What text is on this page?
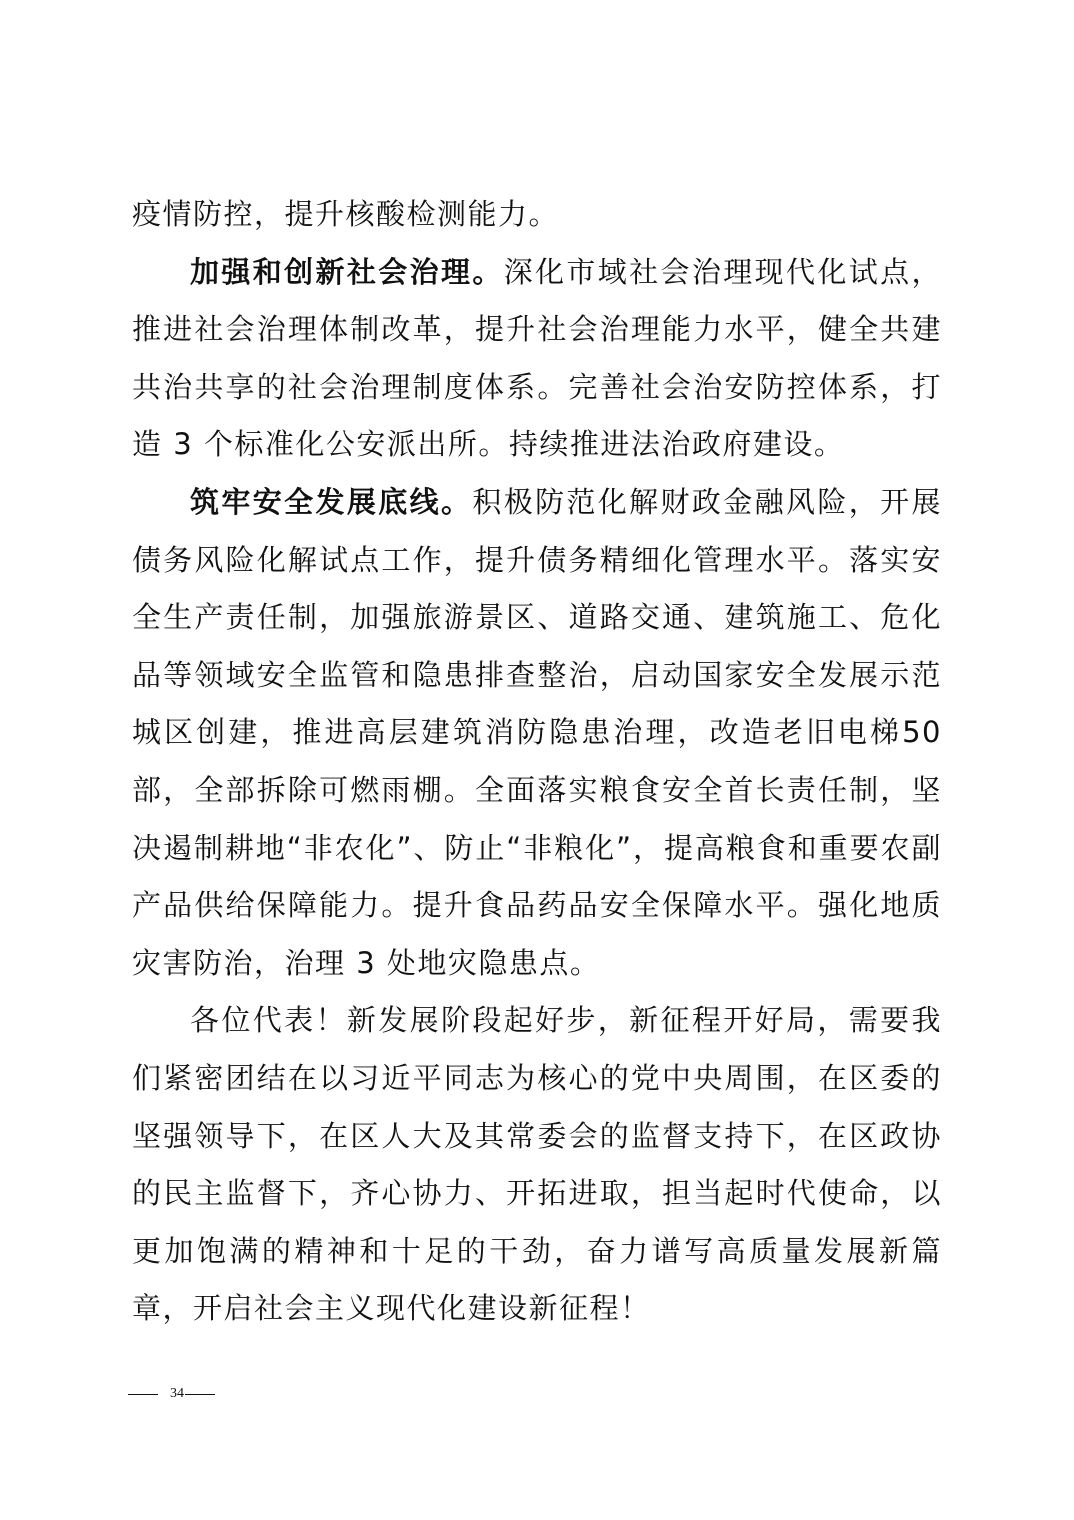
疫情防控，提升核酸检测能力。

加强和创新社会治理。深化市域社会治理现代化试点，推进社会治理体制改革，提升社会治理能力水平，健全共建共治共享的社会治理制度体系。完善社会治安防控体系，打造 3 个标准化公安派出所。持续推进法治政府建设。

筑牢安全发展底线。积极防范化解财政金融风险，开展债务风险化解试点工作，提升债务精细化管理水平。落实安全生产责任制，加强旅游景区、道路交通、建筑施工、危化品等领域安全监管和隐患排查整治，启动国家安全发展示范城区创建，推进高层建筑消防隐患治理，改造老旧电梯50部，全部拆除可燃雨棚。全面落实粮食安全首长责任制，坚决遏制耕地“非农化”、防止“非粮化”，提高粮食和重要农副产品供给保障能力。提升食品药品安全保障水平。强化地质灾害防治，治理 3 处地灾隐患点。

各位代表！新发展阶段起好步，新征程开好局，需要我们紧密团结在以习近平同志为核心的党中央周围，在区委的坚强领导下，在区人大及其常委会的监督支持下，在区政协的民主监督下，齐心协力、开拓进取，担当起时代使命，以更加饱满的精神和十足的干劲，奋力谱写高质量发展新篇章，开启社会主义现代化建设新征程！

34
